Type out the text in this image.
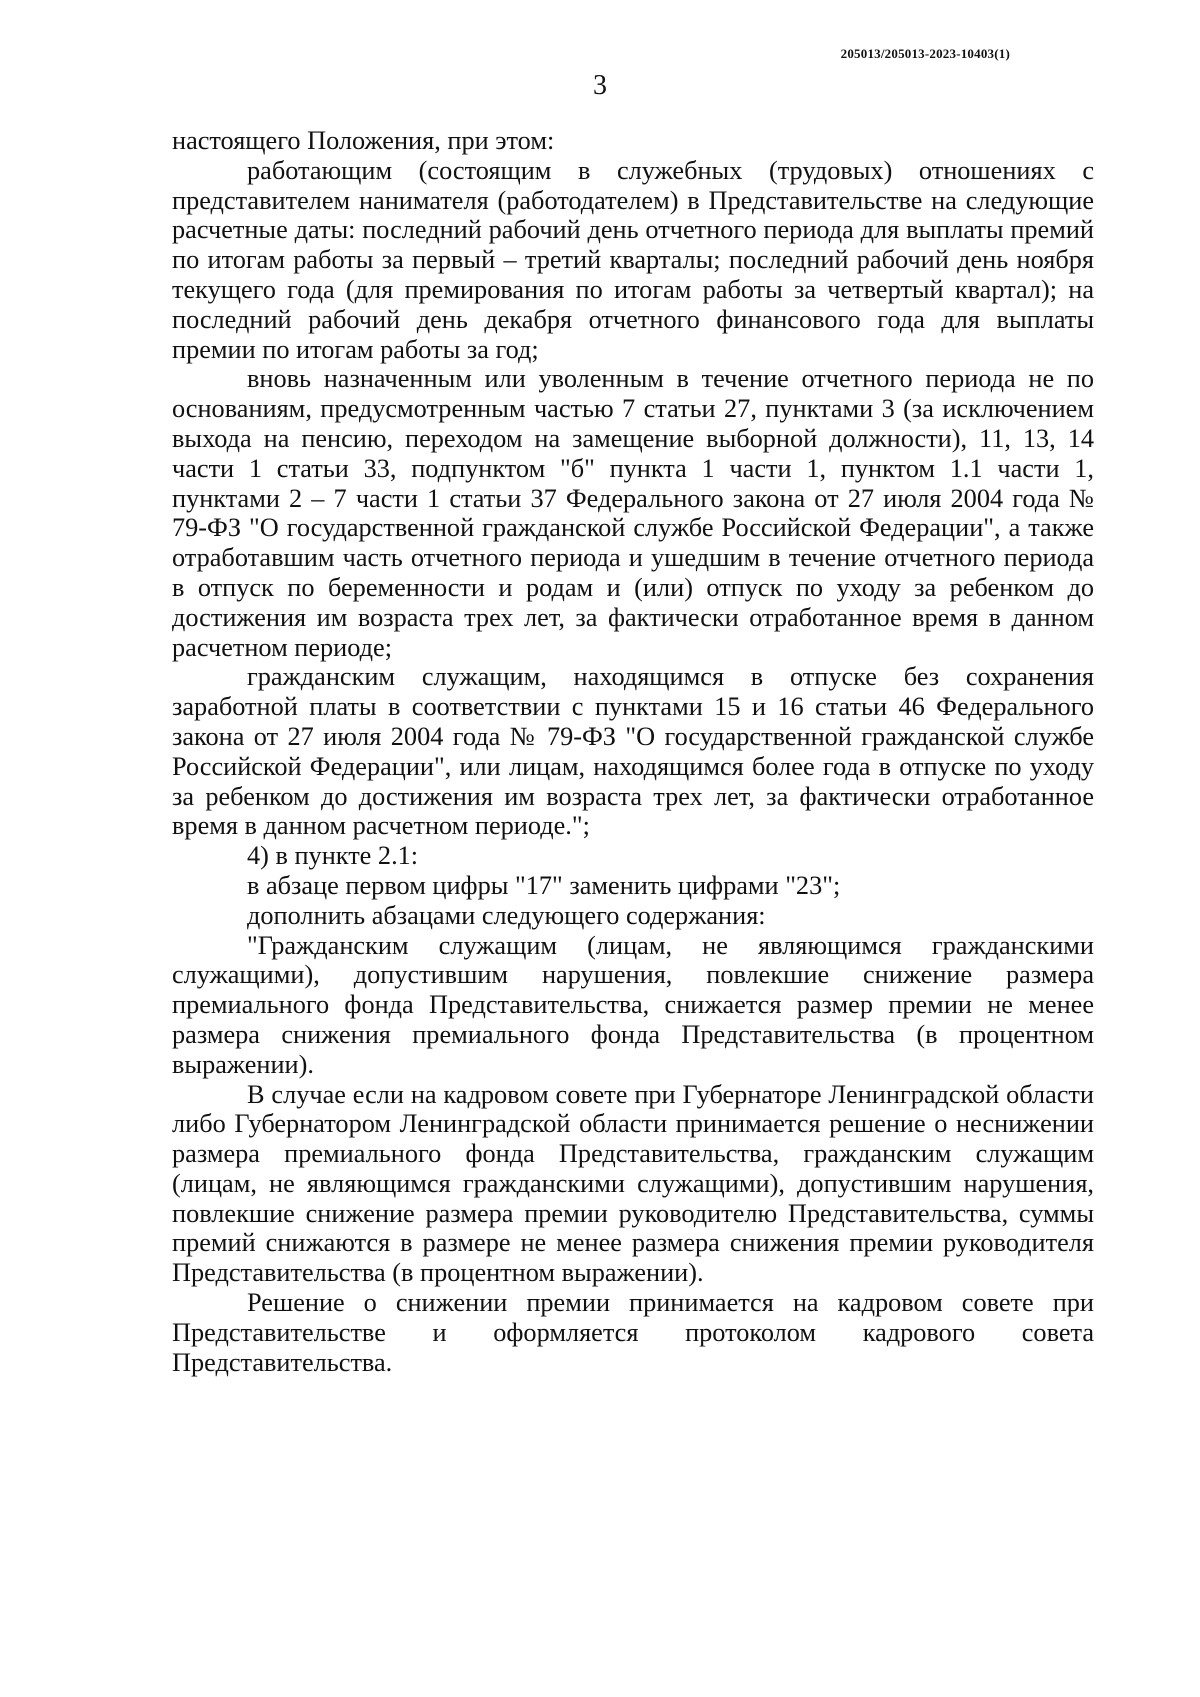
205013/205013-2023-10403(1)
3

настоящего Положения, при этом:

работающим (состоящим в служебных (трудовых) отношениях с представителем нанимателя (работодателем) в Представительстве на следующие расчетные даты: последний рабочий день отчетного периода для выплаты премий по итогам работы за первый – третий кварталы; последний рабочий день ноября текущего года (для премирования по итогам работы за четвертый квартал); на последний рабочий день декабря отчетного финансового года для выплаты премии по итогам работы за год;

вновь назначенным или уволенным в течение отчетного периода не по основаниям, предусмотренным частью 7 статьи 27, пунктами 3 (за исключением выхода на пенсию, переходом на замещение выборной должности), 11, 13, 14 части 1 статьи 33, подпунктом "б" пункта 1 части 1, пунктом 1.1 части 1, пунктами 2 – 7 части 1 статьи 37 Федерального закона от 27 июля 2004 года № 79-ФЗ "О государственной гражданской службе Российской Федерации", а также отработавшим часть отчетного периода и ушедшим в течение отчетного периода в отпуск по беременности и родам и (или) отпуск по уходу за ребенком до достижения им возраста трех лет, за фактически отработанное время в данном расчетном периоде;

гражданским служащим, находящимся в отпуске без сохранения заработной платы в соответствии с пунктами 15 и 16 статьи 46 Федерального закона от 27 июля 2004 года № 79-ФЗ "О государственной гражданской службе Российской Федерации", или лицам, находящимся более года в отпуске по уходу за ребенком до достижения им возраста трех лет, за фактически отработанное время в данном расчетном периоде.";

4) в пункте 2.1:

в абзаце первом цифры "17" заменить цифрами "23";

дополнить абзацами следующего содержания:

"Гражданским служащим (лицам, не являющимся гражданскими служащими), допустившим нарушения, повлекшие снижение размера премиального фонда Представительства, снижается размер премии не менее размера снижения премиального фонда Представительства (в процентном выражении).

В случае если на кадровом совете при Губернаторе Ленинградской области либо Губернатором Ленинградской области принимается решение о неснижении размера премиального фонда Представительства, гражданским служащим (лицам, не являющимся гражданскими служащими), допустившим нарушения, повлекшие снижение размера премии руководителю Представительства, суммы премий снижаются в размере не менее размера снижения премии руководителя Представительства (в процентном выражении).

Решение о снижении премии принимается на кадровом совете при Представительстве и оформляется протоколом кадрового совета Представительства.
